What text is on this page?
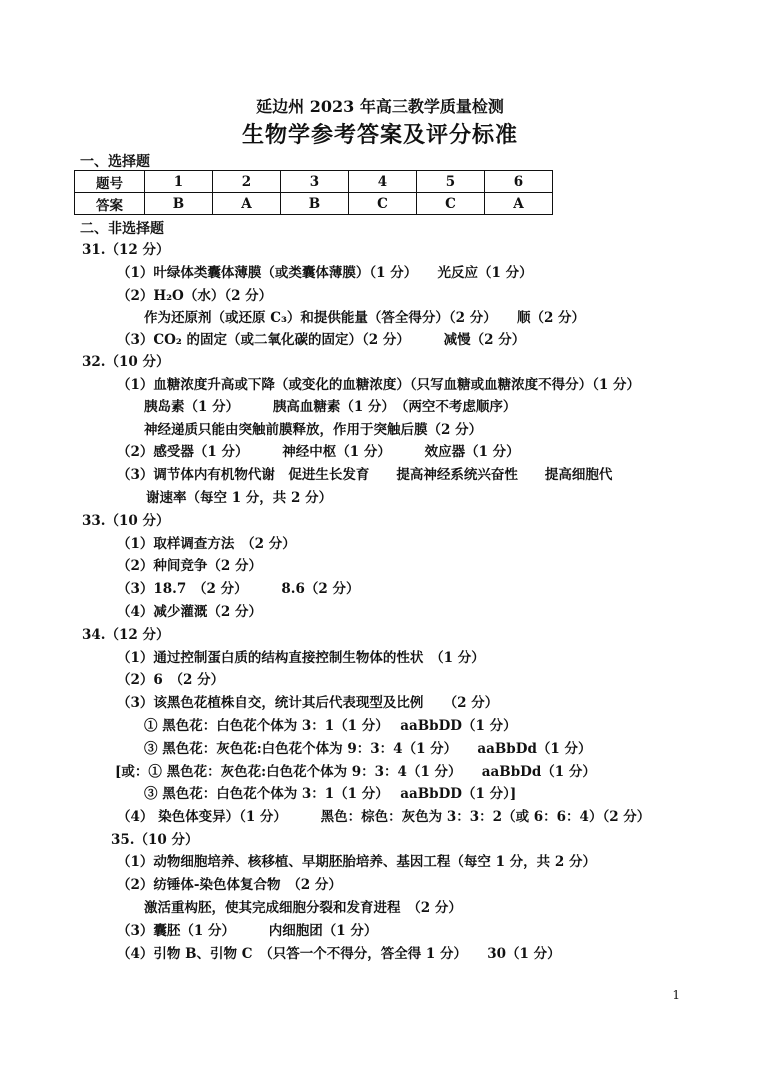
延边州 2023 年高三教学质量检测
生物学参考答案及评分标准
一、选择题
题号	1	2	3	4	5	6
答案	B	A	B	C	C	A
二、非选择题
31.（12 分）
（1）叶绿体类囊体薄膜（或类囊体薄膜）（1 分）　　光反应（1 分）
（2）H₂O（水）（2 分）
作为还原剂（或还原 C₃）和提供能量（答全得分）（2 分）　　顺（2 分）
（3）CO₂ 的固定（或二氧化碳的固定）（2 分）　　　减慢（2 分）
32.（10 分）
（1）血糖浓度升高或下降（或变化的血糖浓度）（只写血糖或血糖浓度不得分）（1 分）
胰岛素（1 分）　　　胰高血糖素（1 分）　（两空不考虑顺序）
神经递质只能由突触前膜释放，作用于突触后膜（2 分）
（2）感受器（1 分）　　　神经中枢（1 分）　　　效应器（1 分）
（3）调节体内有机物代谢　促进生长发育　　提高神经系统兴奋性　　提高细胞代
谢速率（每空 1 分，共 2 分）
33.（10 分）
（1）取样调查方法　（2 分）
（2）种间竞争（2 分）
（3）18.7　（2 分）　　　8.6（2 分）
（4）减少灌溉（2 分）
34.（12 分）
（1）通过控制蛋白质的结构直接控制生物体的性状　（1 分）
（2）6　（2 分）
（3）该黑色花植株自交，统计其后代表现型及比例　　（2 分）
① 黑色花：白色花个体为 3：1（1 分）　 aaBbDD（1 分）
③ 黑色花：灰色花:白色花个体为 9：3：4（1 分）　　aaBbDd（1 分）
[或：① 黑色花：灰色花:白色花个体为 9：3：4（1 分）　　aaBbDd（1 分）
③ 黑色花：白色花个体为 3：1（1 分）　 aaBbDD（1 分）]
（4） 染色体变异）（1 分）　　　黑色：棕色：灰色为 3：3：2（或 6：6：4）（2 分）
35.（10 分）
（1）动物细胞培养、核移植、早期胚胎培养、基因工程（每空 1 分，共 2 分）
（2）纺锤体-染色体复合物　（2 分）
激活重构胚，使其完成细胞分裂和发育进程　（2 分）
（3）囊胚（1 分）　　　内细胞团（1 分）
（4）引物 B、引物 C　（只答一个不得分，答全得 1 分）　　30（1 分）
1
